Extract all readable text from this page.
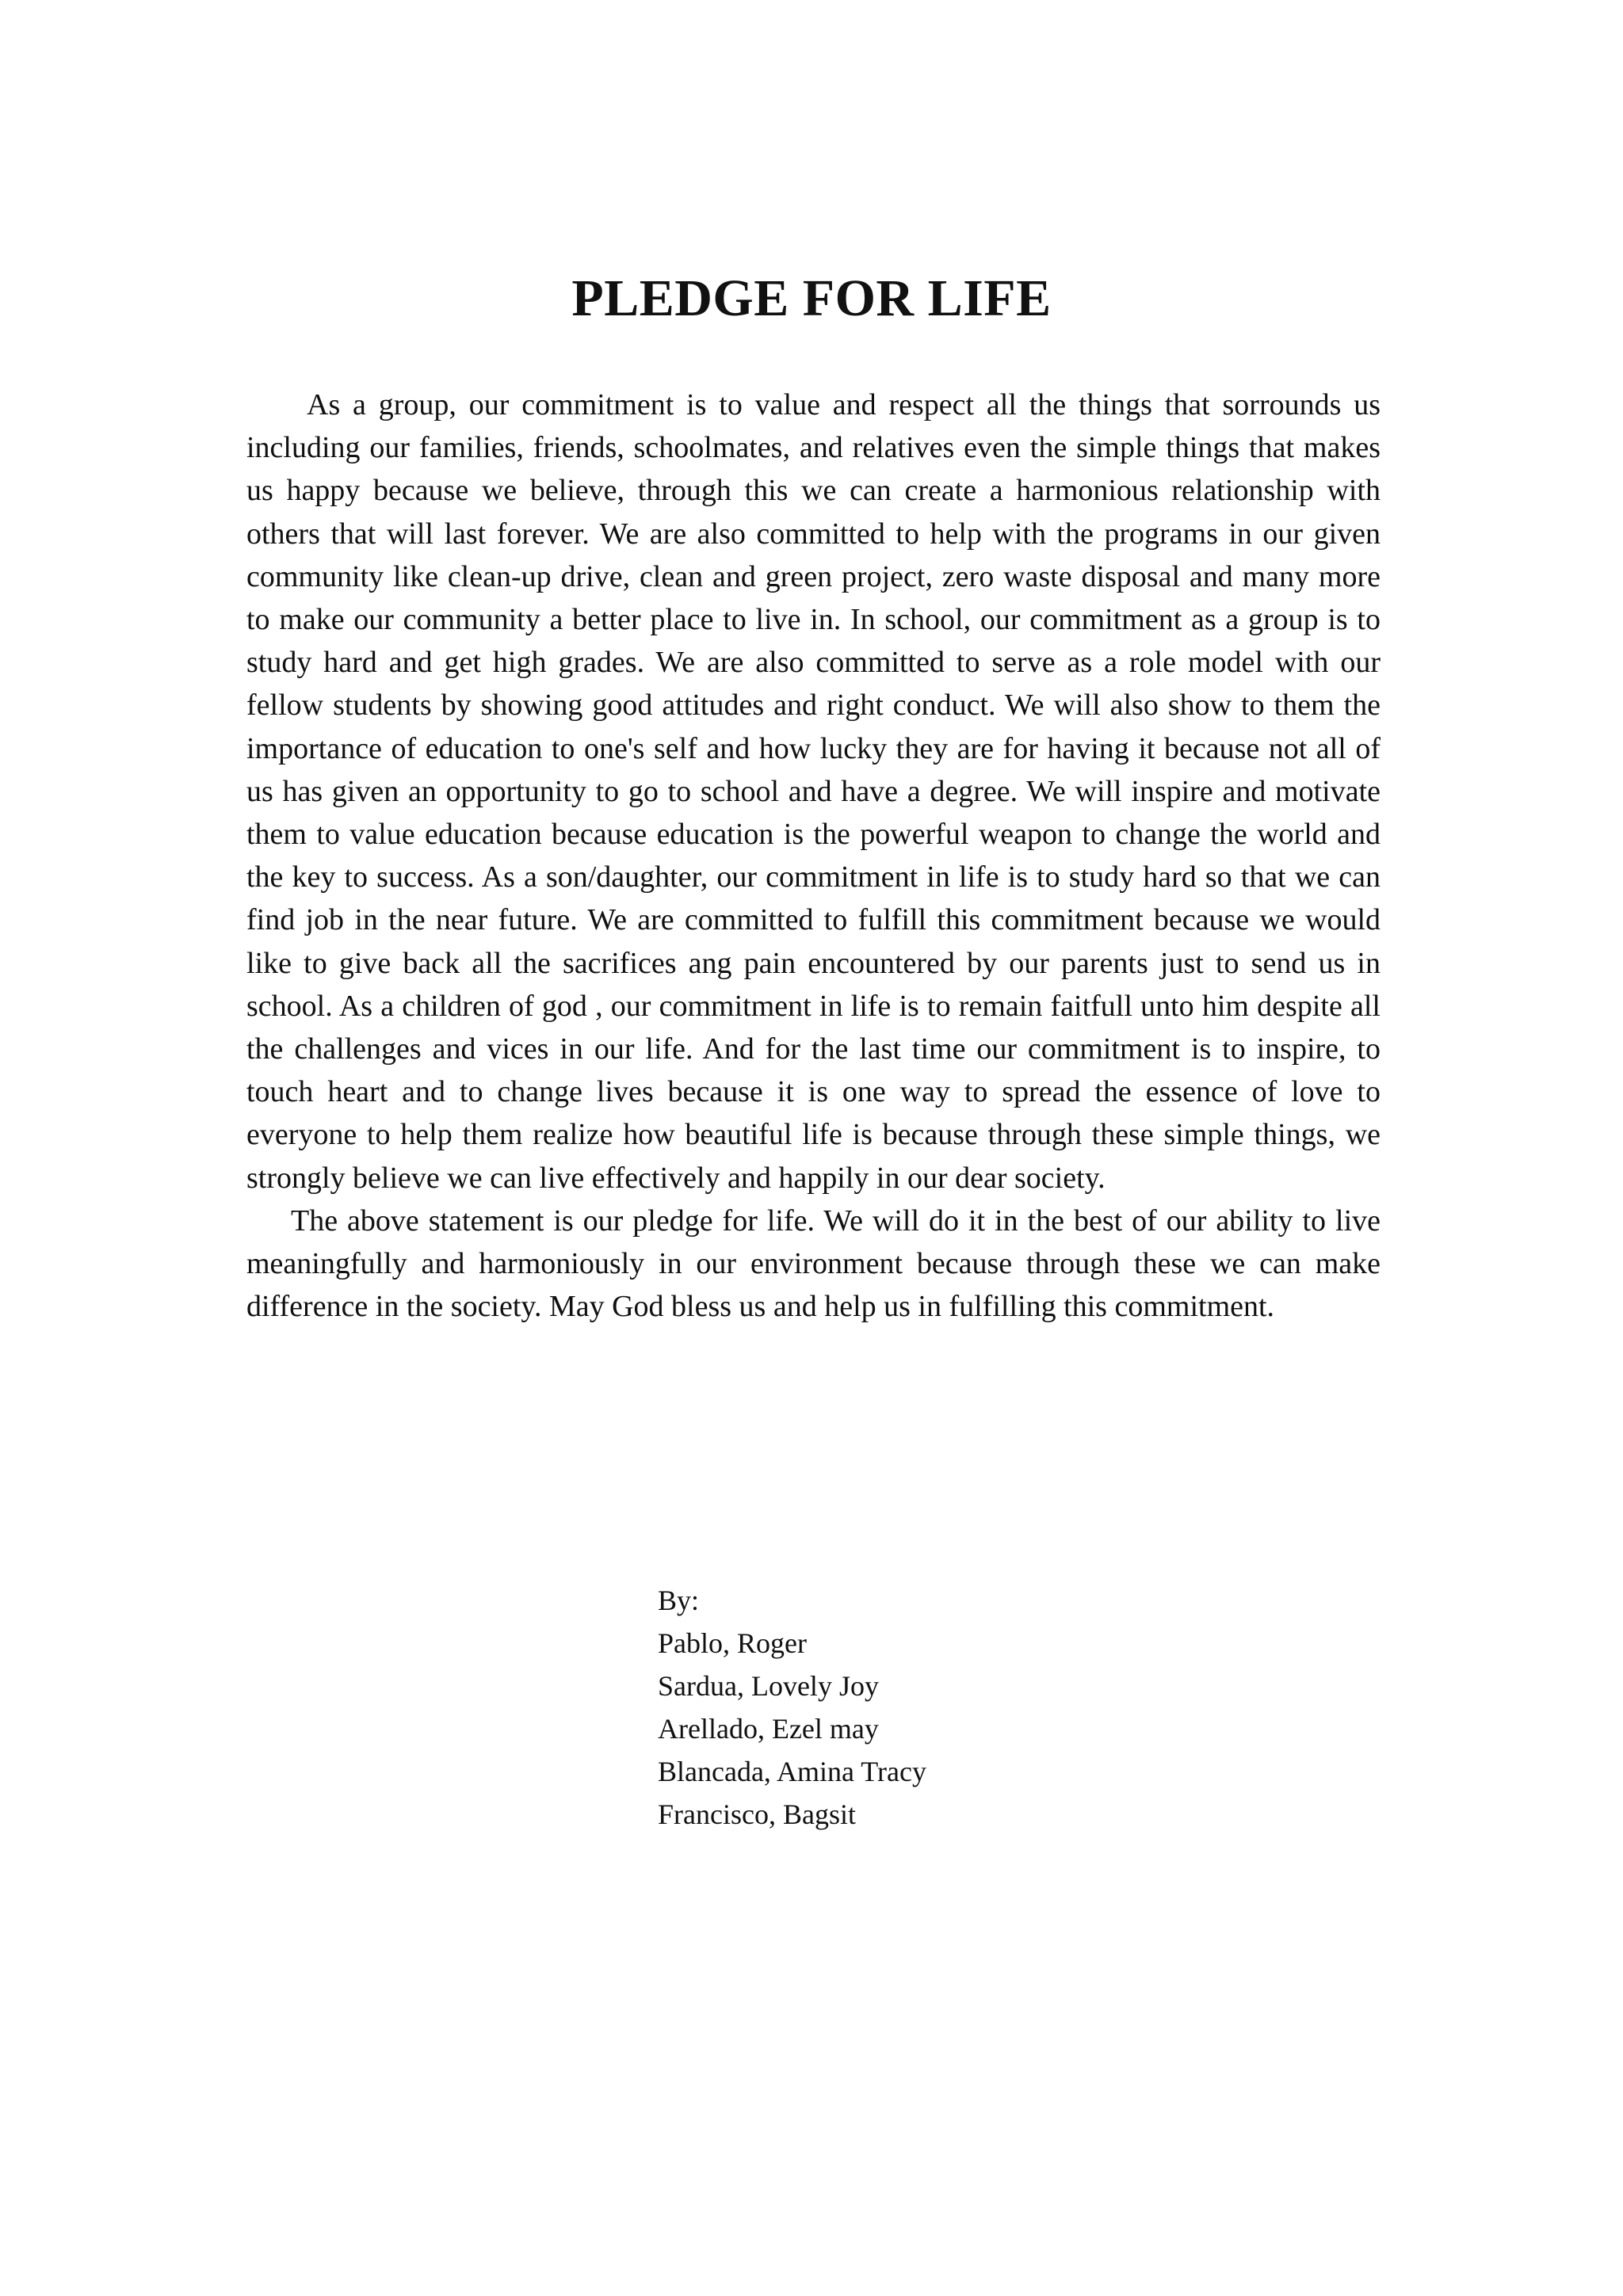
PLEDGE FOR LIFE

As a group, our commitment is to value and respect all the things that sorrounds us including our families, friends, schoolmates, and relatives even the simple things that makes us happy because we believe, through this we can create a harmonious relationship with others that will last forever. We are also committed to help with the programs in our given community like clean-up drive, clean and green project, zero waste disposal and many more to make our community a better place to live in. In school, our commitment as a group is to study hard and get high grades. We are also committed to serve as a role model with our fellow students by showing good attitudes and right conduct. We will also show to them the importance of education to one's self and how lucky they are for having it because not all of us has given an opportunity to go to school and have a degree. We will inspire and motivate them to value education because education is the powerful weapon to change the world and the key to success. As a son/daughter, our commitment in life is to study hard so that we can find job in the near future. We are committed to fulfill this commitment because we would like to give back all the sacrifices ang pain encountered by our parents just to send us in school. As a children of god , our commitment in life is to remain faitfull unto him despite all the challenges and vices in our life. And for the last time our commitment is to inspire, to touch heart and to change lives because it is one way to spread the essence of love to everyone to help them realize how beautiful life is because through these simple things, we strongly believe we can live effectively and happily in our dear society.

The above statement is our pledge for life. We will do it in the best of our ability to live meaningfully and harmoniously in our environment because through these we can make difference in the society. May God bless us and help us in fulfilling this commitment.

By:
Pablo, Roger
Sardua, Lovely Joy
Arellado, Ezel may
Blancada, Amina Tracy
Francisco, Bagsit
